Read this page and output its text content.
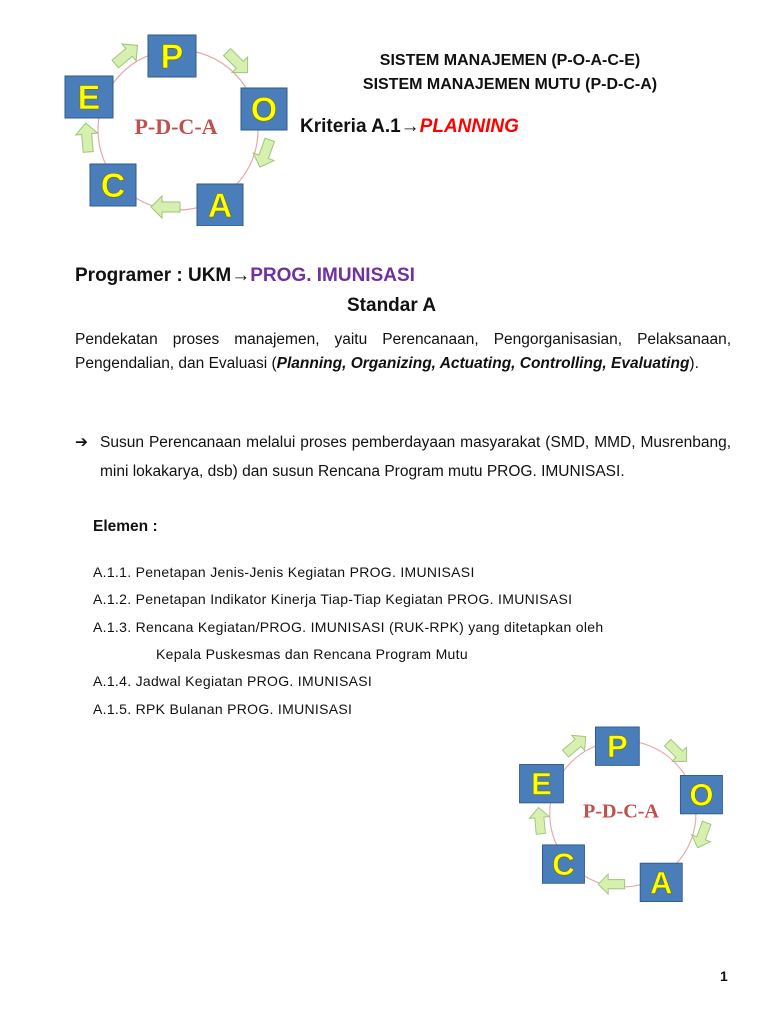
P-D-C-A
P
O
A
C
E
P-D-C-A
P
O
A
C
E
SISTEM MANAJEMEN (P-O-A-C-E)
SISTEM MANAJEMEN MUTU (P-D-C-A)
Kriteria A.1→PLANNING
Programer : UKM→PROG. IMUNISASI
Standar A
Pendekatan proses manajemen, yaitu Perencanaan, Pengorganisasian, Pelaksanaan, Pengendalian, dan Evaluasi (Planning, Organizing, Actuating, Controlling, Evaluating).
➔ Susun Perencanaan melalui proses pemberdayaan masyarakat (SMD, MMD, Musrenbang, mini lokakarya, dsb) dan susun Rencana Program mutu PROG. IMUNISASI.
Elemen :
A.1.1. Penetapan Jenis-Jenis Kegiatan PROG. IMUNISASI
A.1.2. Penetapan Indikator Kinerja Tiap-Tiap Kegiatan PROG. IMUNISASI
A.1.3. Rencana Kegiatan/PROG. IMUNISASI (RUK-RPK) yang ditetapkan oleh
Kepala Puskesmas dan Rencana Program Mutu
A.1.4. Jadwal Kegiatan PROG. IMUNISASI
A.1.5. RPK Bulanan PROG. IMUNISASI
1
